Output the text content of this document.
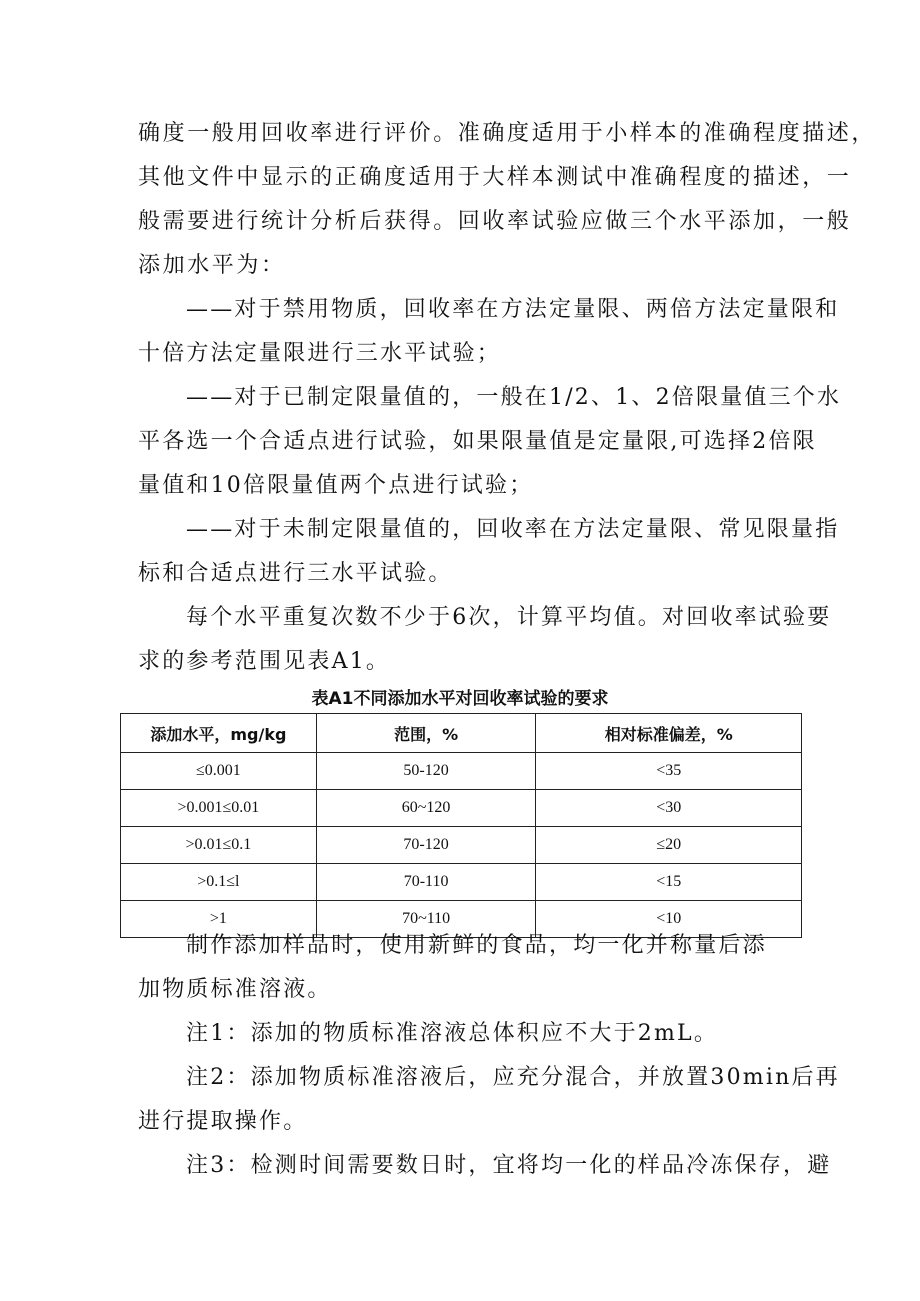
确度一般用回收率进行评价。准确度适用于小样本的准确程度描述，
其他文件中显示的正确度适用于大样本测试中准确程度的描述，一
般需要进行统计分析后获得。回收率试验应做三个水平添加，一般
添加水平为：
——对于禁用物质，回收率在方法定量限、两倍方法定量限和
十倍方法定量限进行三水平试验；
——对于已制定限量值的，一般在1/2、1、2倍限量值三个水
平各选一个合适点进行试验，如果限量值是定量限,可选择2倍限
量值和10倍限量值两个点进行试验；
——对于未制定限量值的，回收率在方法定量限、常见限量指
标和合适点进行三水平试验。
每个水平重复次数不少于6次，计算平均值。对回收率试验要
求的参考范围见表A1。
表A1不同添加水平对回收率试验的要求
添加水平，mg/kg	范围，%	相对标准偏差，%
≤0.001	50-120	<35
>0.001≤0.01	60~120	<30
>0.01≤0.1	70-120	≤20
>0.1≤l	70-110	<15
>1	70~110	<10
制作添加样品时，使用新鲜的食品，均一化并称量后添
加物质标准溶液。
注1：添加的物质标准溶液总体积应不大于2mL。
注2：添加物质标准溶液后，应充分混合，并放置30min后再
进行提取操作。
注3：检测时间需要数日时，宜将均一化的样品冷冻保存，避
